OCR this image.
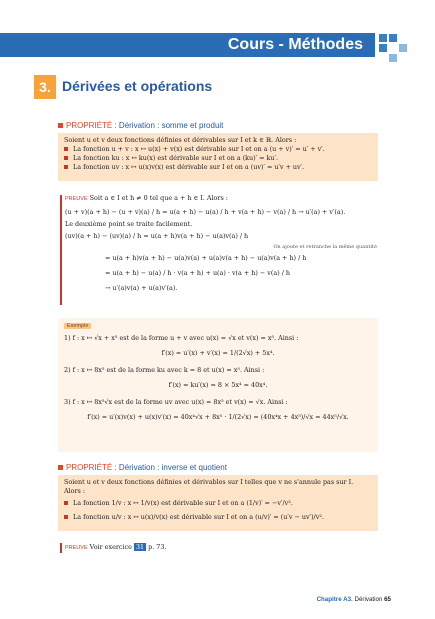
Cours - Méthodes
3. Dérivées et opérations
PROPRIÉTÉ : Dérivation : somme et produit
Soient u et v deux fonctions définies et dérivables sur I et k ∈ ℝ. Alors :
La fonction u + v : x ↦ u(x) + v(x) est dérivable sur I et on a (u + v)′ = u′ + v′.
La fonction ku : x ↦ ku(x) est dérivable sur I et on a (ku)′ = ku′.
La fonction uv : x ↦ u(x)v(x) est dérivable sur I et on a (uv)′ = u′v + uv′.
PREUVE Soit a ∈ I et h ≠ 0 tel que a + h ∈ I. Alors :
(u + v)(a + h) − (u + v)(a) / h = u(a + h) − u(a) / h + v(a + h) − v(a) / h → u′(a) + v′(a).
Le deuxième point se traite facilement.
(uv)(a + h) − (uv)(a) / h = u(a + h)v(a + h) − u(a)v(a) / h
On ajoute et retranche la même quantité
= u(a + h)v(a + h) − u(a)v(a) + u(a)v(a + h) − u(a)v(a + h) / h
= u(a + h) − u(a) / h · v(a + h) + u(a) · v(a + h) − v(a) / h
→ u′(a)v(a) + u(a)v′(a).
Exemple
1) f : x ↦ √x + x⁵ est de la forme u + v avec u(x) = √x et v(x) = x⁵. Ainsi :
f′(x) = u′(x) + v′(x) = 1/(2√x) + 5x⁴.
2) f : x ↦ 8x⁵ est de la forme ku avec k = 8 et u(x) = x⁵. Ainsi :
f′(x) = ku′(x) = 8 × 5x⁴ = 40x⁴.
3) f : x ↦ 8x⁵√x est de la forme uv avec u(x) = 8x⁵ et v(x) = √x. Ainsi :
f′(x) = u′(x)v(x) + u(x)v′(x) = 40x⁴√x + 8x⁵ · 1/(2√x) = (40x⁴x + 4x⁵)/√x = 44x⁵/√x.
PROPRIÉTÉ : Dérivation : inverse et quotient
Soient u et v deux fonctions définies et dérivables sur I telles que v ne s'annule pas sur I.
Alors :
La fonction 1/v : x ↦ 1/v(x) est dérivable sur I et on a (1/v)′ = −v′/v².
La fonction u/v : x ↦ u(x)/v(x) est dérivable sur I et on a (u/v)′ = (u′v − uv′)/v².
PREUVE Voir exercice 31 p. 73.
Chapitre A3. Dérivation 65
